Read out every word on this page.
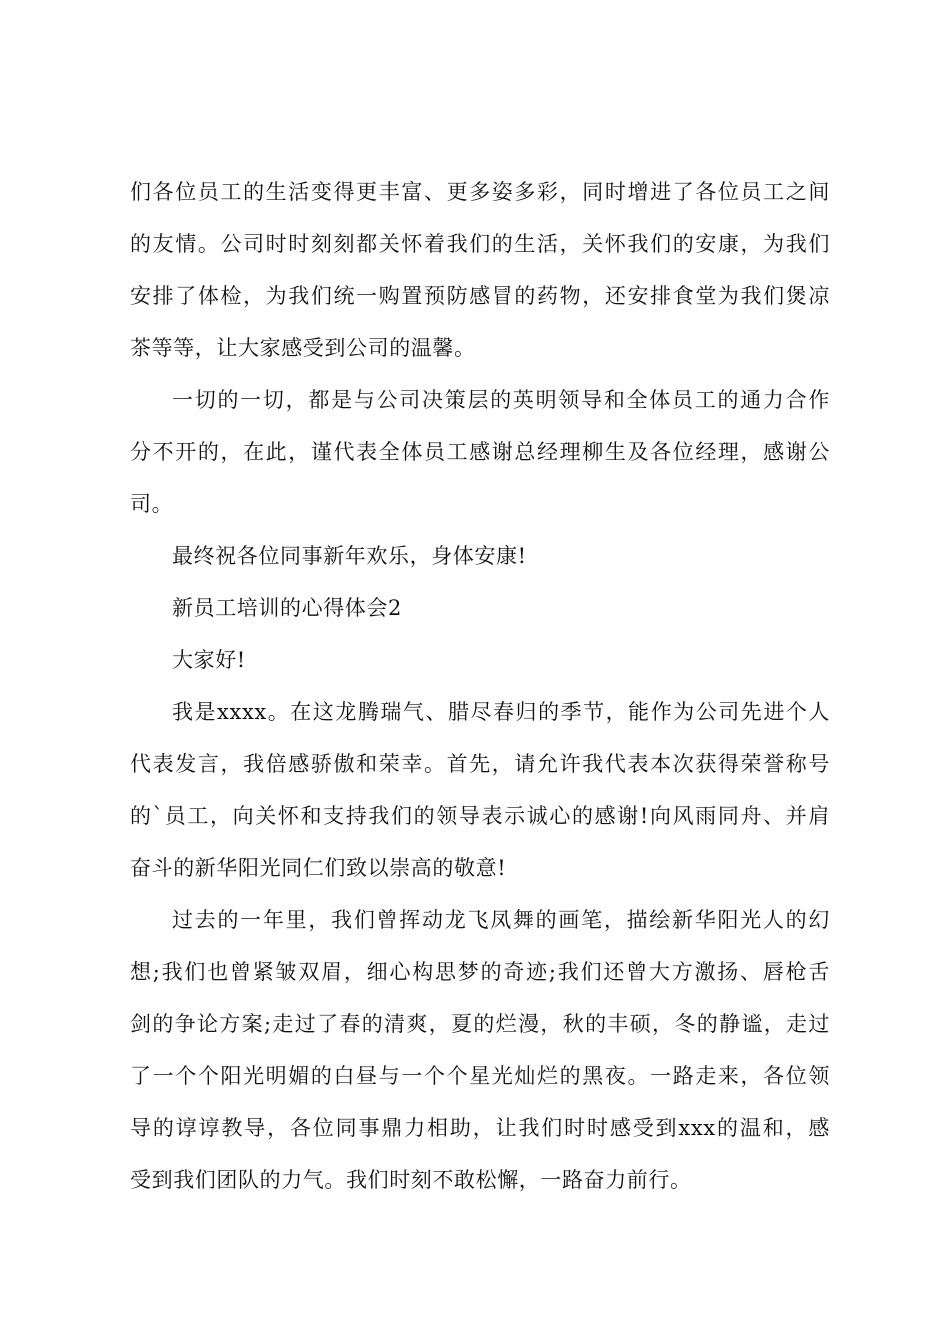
们各位员工的生活变得更丰富、更多姿多彩，同时增进了各位员工之间
的友情。公司时时刻刻都关怀着我们的生活，关怀我们的安康，为我们
安排了体检，为我们统一购置预防感冒的药物，还安排食堂为我们煲凉
茶等等，让大家感受到公司的温馨。
一切的一切，都是与公司决策层的英明领导和全体员工的通力合作
分不开的，在此，谨代表全体员工感谢总经理柳生及各位经理，感谢公
司。
最终祝各位同事新年欢乐，身体安康!
新员工培训的心得体会2
大家好!
我是xxxx。在这龙腾瑞气、腊尽春归的季节，能作为公司先进个人
代表发言，我倍感骄傲和荣幸。首先，请允许我代表本次获得荣誉称号
的`员工，向关怀和支持我们的领导表示诚心的感谢!向风雨同舟、并肩
奋斗的新华阳光同仁们致以崇高的敬意!
过去的一年里，我们曾挥动龙飞凤舞的画笔，描绘新华阳光人的幻
想;我们也曾紧皱双眉，细心构思梦的奇迹;我们还曾大方激扬、唇枪舌
剑的争论方案;走过了春的清爽，夏的烂漫，秋的丰硕，冬的静谧，走过
了一个个阳光明媚的白昼与一个个星光灿烂的黑夜。一路走来，各位领
导的谆谆教导，各位同事鼎力相助，让我们时时感受到xxx的温和，感
受到我们团队的力气。我们时刻不敢松懈，一路奋力前行。
